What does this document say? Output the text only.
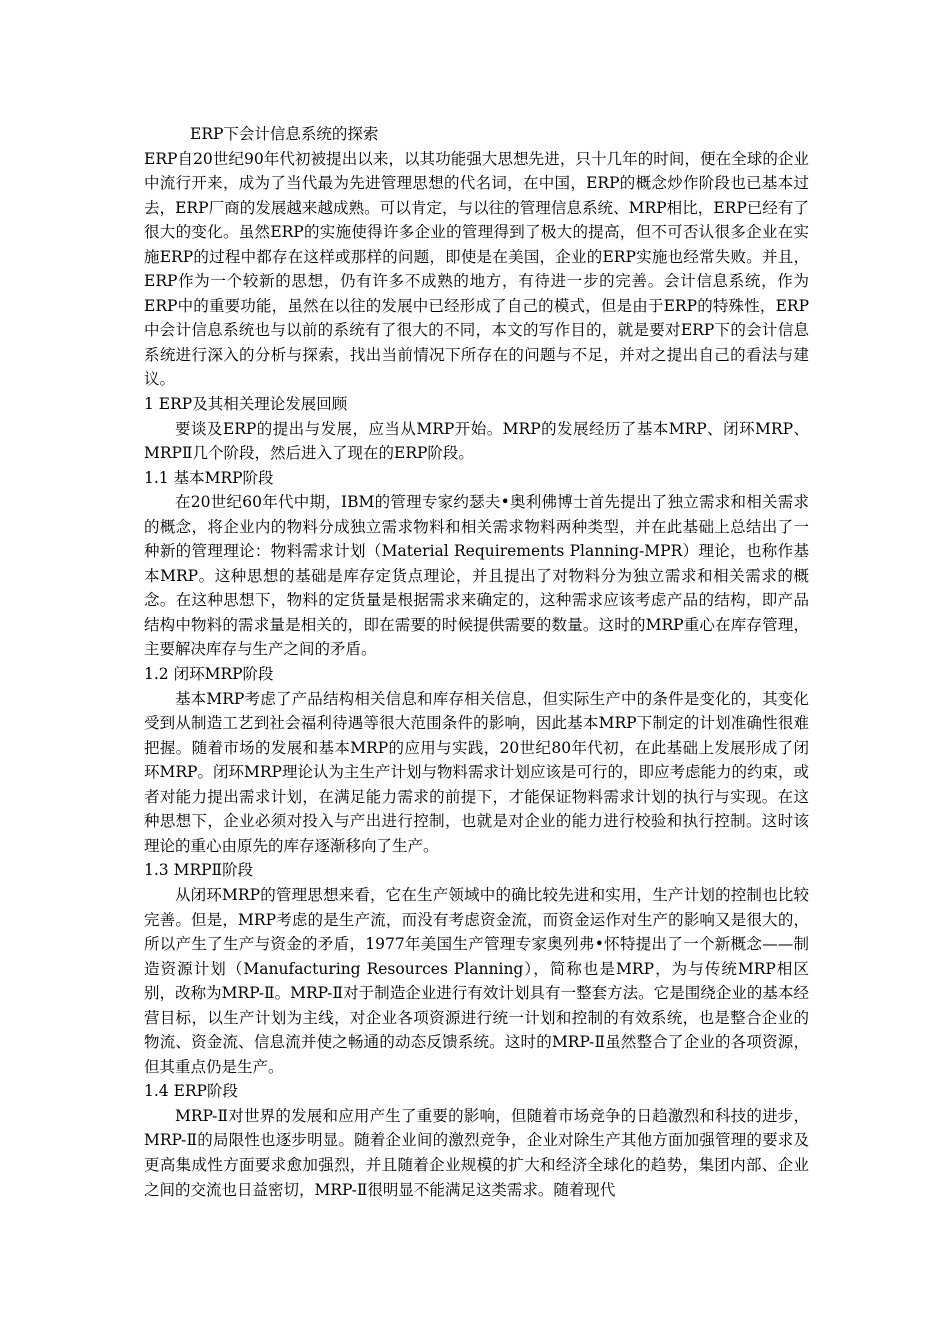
ERP下会计信息系统的探索

ERP自20世纪90年代初被提出以来，以其功能强大思想先进，只十几年的时间，便在全球的企业中流行开来，成为了当代最为先进管理思想的代名词，在中国，ERP的概念炒作阶段也已基本过去，ERP厂商的发展越来越成熟。可以肯定，与以往的管理信息系统、MRP相比，ERP已经有了很大的变化。虽然ERP的实施使得许多企业的管理得到了极大的提高，但不可否认很多企业在实施ERP的过程中都存在这样或那样的问题，即使是在美国，企业的ERP实施也经常失败。并且，ERP作为一个较新的思想，仍有许多不成熟的地方，有待进一步的完善。会计信息系统，作为ERP中的重要功能，虽然在以往的发展中已经形成了自己的模式，但是由于ERP的特殊性，ERP中会计信息系统也与以前的系统有了很大的不同，本文的写作目的，就是要对ERP下的会计信息系统进行深入的分析与探索，找出当前情况下所存在的问题与不足，并对之提出自己的看法与建议。

1 ERP及其相关理论发展回顾

要谈及ERP的提出与发展，应当从MRP开始。MRP的发展经历了基本MRP、闭环MRP、MRPⅡ几个阶段，然后进入了现在的ERP阶段。

1.1 基本MRP阶段

在20世纪60年代中期，IBM的管理专家约瑟夫•奥利佛博士首先提出了独立需求和相关需求的概念，将企业内的物料分成独立需求物料和相关需求物料两种类型，并在此基础上总结出了一种新的管理理论：物料需求计划（Material Requirements Planning-MPR）理论，也称作基本MRP。这种思想的基础是库存定货点理论，并且提出了对物料分为独立需求和相关需求的概念。在这种思想下，物料的定货量是根据需求来确定的，这种需求应该考虑产品的结构，即产品结构中物料的需求量是相关的，即在需要的时候提供需要的数量。这时的MRP重心在库存管理，主要解决库存与生产之间的矛盾。

1.2 闭环MRP阶段

基本MRP考虑了产品结构相关信息和库存相关信息，但实际生产中的条件是变化的，其变化受到从制造工艺到社会福利待遇等很大范围条件的影响，因此基本MRP下制定的计划准确性很难把握。随着市场的发展和基本MRP的应用与实践，20世纪80年代初，在此基础上发展形成了闭环MRP。闭环MRP理论认为主生产计划与物料需求计划应该是可行的，即应考虑能力的约束，或者对能力提出需求计划，在满足能力需求的前提下，才能保证物料需求计划的执行与实现。在这种思想下，企业必须对投入与产出进行控制，也就是对企业的能力进行校验和执行控制。这时该理论的重心由原先的库存逐渐移向了生产。

1.3 MRPⅡ阶段

从闭环MRP的管理思想来看，它在生产领域中的确比较先进和实用，生产计划的控制也比较完善。但是，MRP考虑的是生产流，而没有考虑资金流，而资金运作对生产的影响又是很大的，所以产生了生产与资金的矛盾，1977年美国生产管理专家奥列弗•怀特提出了一个新概念——制造资源计划（Manufacturing Resources Planning），简称也是MRP，为与传统MRP相区别，改称为MRP-Ⅱ。MRP-Ⅱ对于制造企业进行有效计划具有一整套方法。它是围绕企业的基本经营目标，以生产计划为主线，对企业各项资源进行统一计划和控制的有效系统，也是整合企业的物流、资金流、信息流并使之畅通的动态反馈系统。这时的MRP-Ⅱ虽然整合了企业的各项资源，但其重点仍是生产。

1.4 ERP阶段

MRP-Ⅱ对世界的发展和应用产生了重要的影响，但随着市场竞争的日趋激烈和科技的进步，MRP-Ⅱ的局限性也逐步明显。随着企业间的激烈竞争，企业对除生产其他方面加强管理的要求及更高集成性方面要求愈加强烈，并且随着企业规模的扩大和经济全球化的趋势，集团内部、企业之间的交流也日益密切，MRP-Ⅱ很明显不能满足这类需求。随着现代
